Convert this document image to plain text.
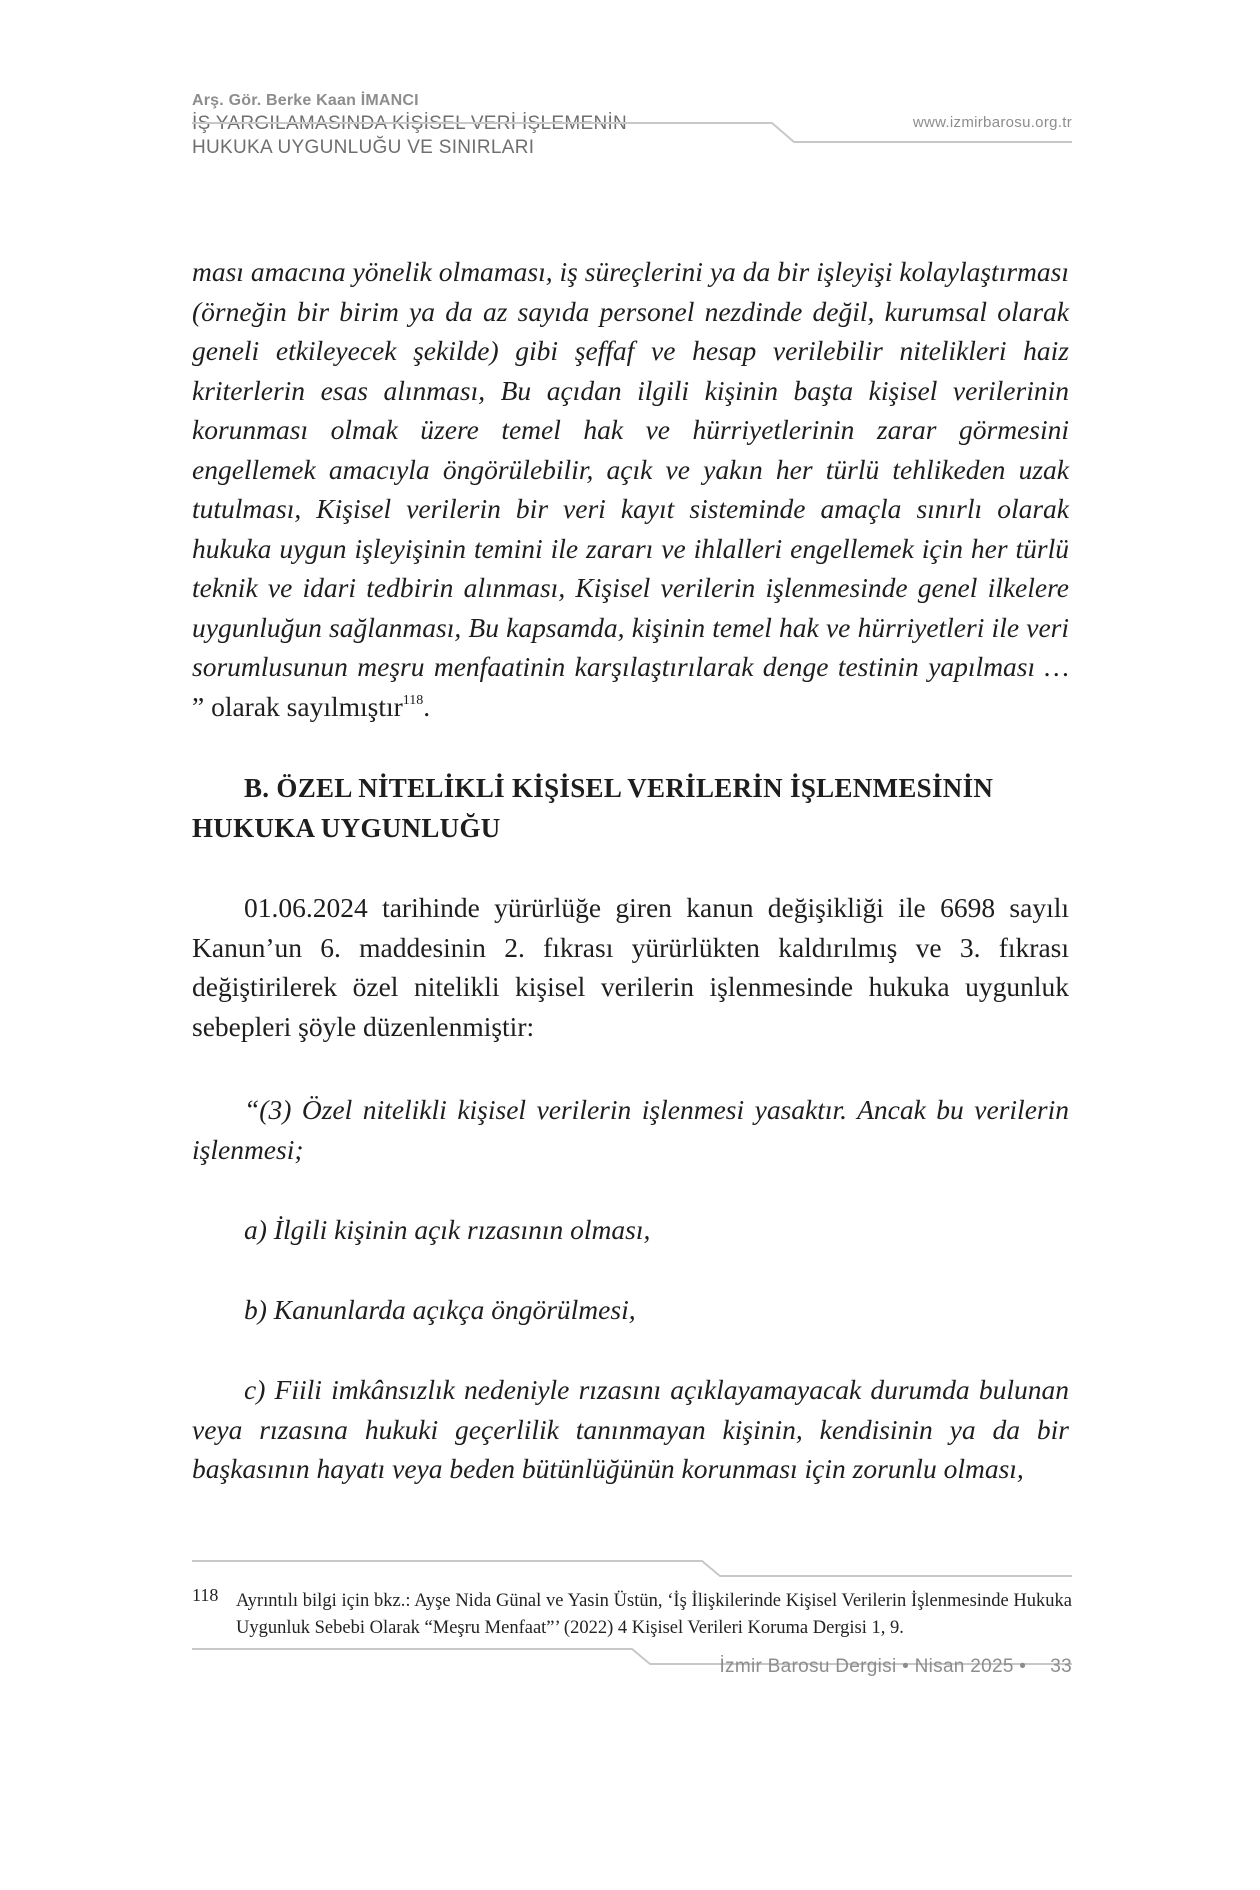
Arş. Gör. Berke Kaan İMANCI
www.izmirbarosu.org.tr
İŞ YARGILAMASINDA KİŞİSEL VERİ İŞLEMENİN
HUKUKA UYGUNLUĞU VE SINIRLARI

ması amacına yönelik olmaması, iş süreçlerini ya da bir işleyişi kolaylaştırması (örneğin bir birim ya da az sayıda personel nezdinde değil, kurumsal olarak geneli etkileyecek şekilde) gibi şeffaf ve hesap verilebilir nitelikleri haiz kriterlerin esas alınması, Bu açıdan ilgili kişinin başta kişisel verilerinin korunması olmak üzere temel hak ve hürriyetlerinin zarar görmesini engellemek amacıyla öngörülebilir, açık ve yakın her türlü tehlikeden uzak tutulması, Kişisel verilerin bir veri kayıt sisteminde amaçla sınırlı olarak hukuka uygun işleyişinin temini ile zararı ve ihlalleri engellemek için her türlü teknik ve idari tedbirin alınması, Kişisel verilerin işlenmesinde genel ilkelere uygunluğun sağlanması, Bu kapsamda, kişinin temel hak ve hürriyetleri ile veri sorumlusunun meşru menfaatinin karşılaştırılarak denge testinin yapılması … ” olarak sayılmıştır$^{118}$.

B. ÖZEL NİTELİKLİ KİŞİSEL VERİLERİN İŞLENMESİNİN
HUKUKA UYGUNLUĞU

01.06.2024 tarihinde yürürlüğe giren kanun değişikliği ile 6698 sayılı Kanun’un 6. maddesinin 2. fıkrası yürürlükten kaldırılmış ve 3. fıkrası değiştirilerek özel nitelikli kişisel verilerin işlenmesinde hukuka uygunluk sebepleri şöyle düzenlenmiştir:

“(3) Özel nitelikli kişisel verilerin işlenmesi yasaktır. Ancak bu verilerin işlenmesi;

a) İlgili kişinin açık rızasının olması,

b) Kanunlarda açıkça öngörülmesi,

c) Fiili imkânsızlık nedeniyle rızasını açıklayamayacak durumda bulunan veya rızasına hukuki geçerlilik tanınmayan kişinin, kendisinin ya da bir başkasının hayatı veya beden bütünlüğünün korunması için zorunlu olması,

118 Ayrıntılı bilgi için bkz.: Ayşe Nida Günal ve Yasin Üstün, ‘İş İlişkilerinde Kişisel Verilerin İşlenmesinde Hukuka Uygunluk Sebebi Olarak “Meşru Menfaat”’ (2022) 4 Kişisel Verileri Koruma Dergisi 1, 9.
İzmir Barosu Dergisi • Nisan 2025 • 33
